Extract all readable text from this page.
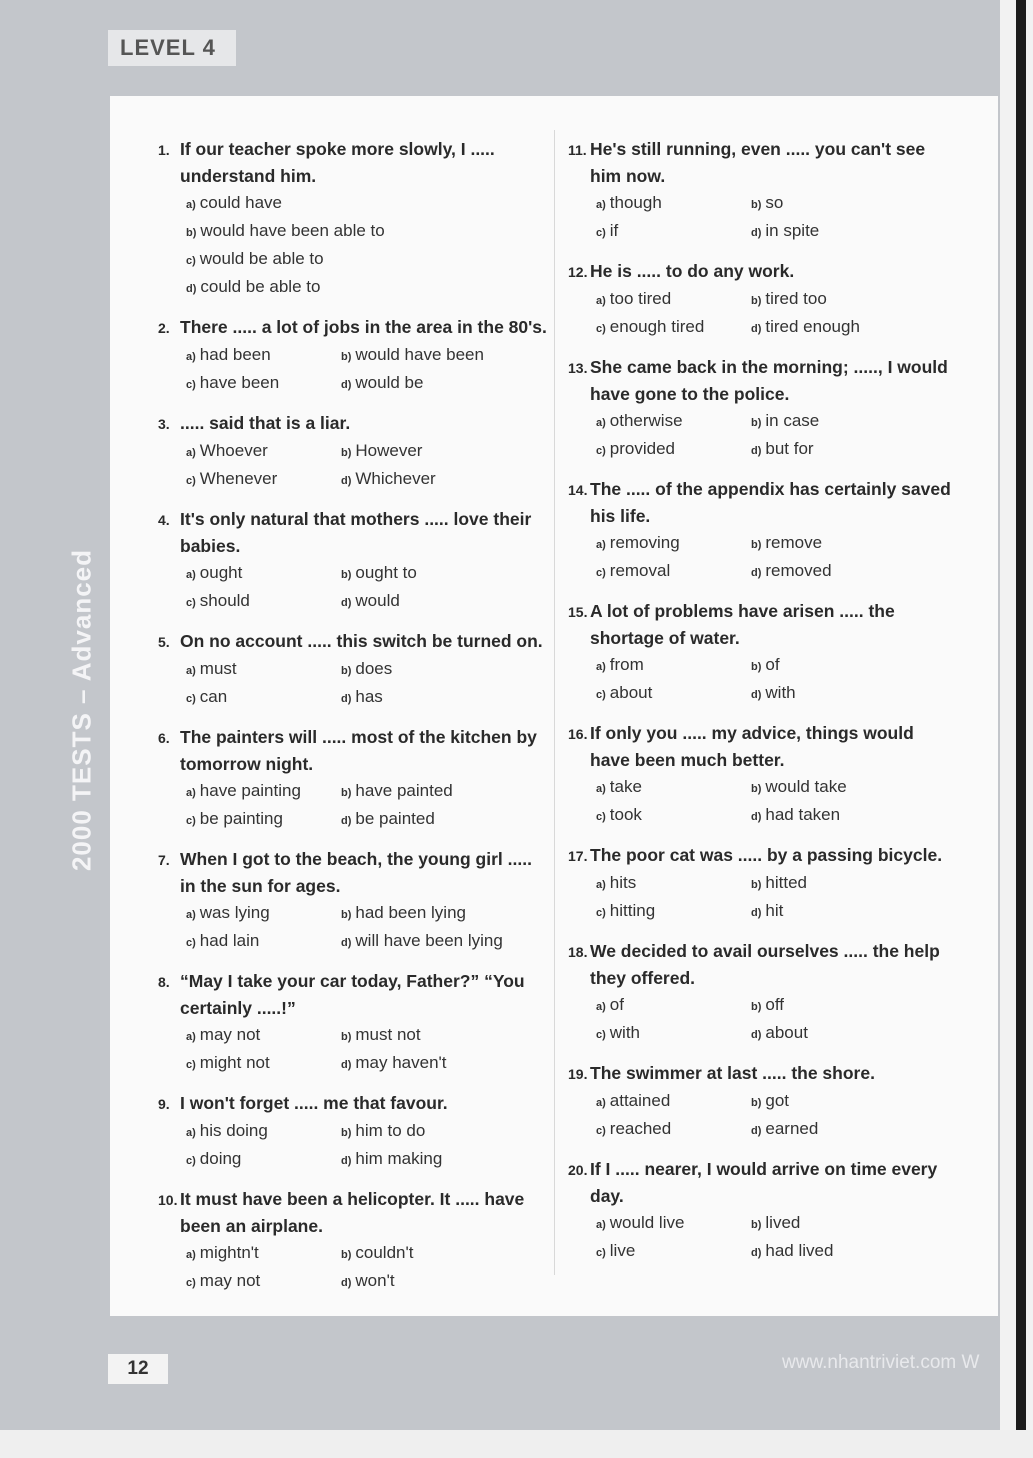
LEVEL 4
2000 TESTS – Advanced
1. If our teacher spoke more slowly, I ..... understand him.
a) could have
b) would have been able to
c) would be able to
d) could be able to
2. There ..... a lot of jobs in the area in the 80's.
a) had been	b) would have been
c) have been	d) would be
3. ..... said that is a liar.
a) Whoever	b) However
c) Whenever	d) Whichever
4. It's only natural that mothers ..... love their babies.
a) ought	b) ought to
c) should	d) would
5. On no account ..... this switch be turned on.
a) must	b) does
c) can	d) has
6. The painters will ..... most of the kitchen by tomorrow night.
a) have painting	b) have painted
c) be painting	d) be painted
7. When I got to the beach, the young girl ..... in the sun for ages.
a) was lying	b) had been lying
c) had lain	d) will have been lying
8. “May I take your car today, Father?” “You certainly .....!”
a) may not	b) must not
c) might not	d) may haven't
9. I won't forget ..... me that favour.
a) his doing	b) him to do
c) doing	d) him making
10. It must have been a helicopter. It ..... have been an airplane.
a) mightn't	b) couldn't
c) may not	d) won't
11. He's still running, even ..... you can't see him now.
a) though	b) so
c) if	d) in spite
12. He is ..... to do any work.
a) too tired	b) tired too
c) enough tired	d) tired enough
13. She came back in the morning; ....., I would have gone to the police.
a) otherwise	b) in case
c) provided	d) but for
14. The ..... of the appendix has certainly saved his life.
a) removing	b) remove
c) removal	d) removed
15. A lot of problems have arisen ..... the shortage of water.
a) from	b) of
c) about	d) with
16. If only you ..... my advice, things would have been much better.
a) take	b) would take
c) took	d) had taken
17. The poor cat was ..... by a passing bicycle.
a) hits	b) hitted
c) hitting	d) hit
18. We decided to avail ourselves ..... the help they offered.
a) of	b) off
c) with	d) about
19. The swimmer at last ..... the shore.
a) attained	b) got
c) reached	d) earned
20. If I ..... nearer, I would arrive on time every day.
a) would live	b) lived
c) live	d) had lived
12	www.nhantriviet.com W
